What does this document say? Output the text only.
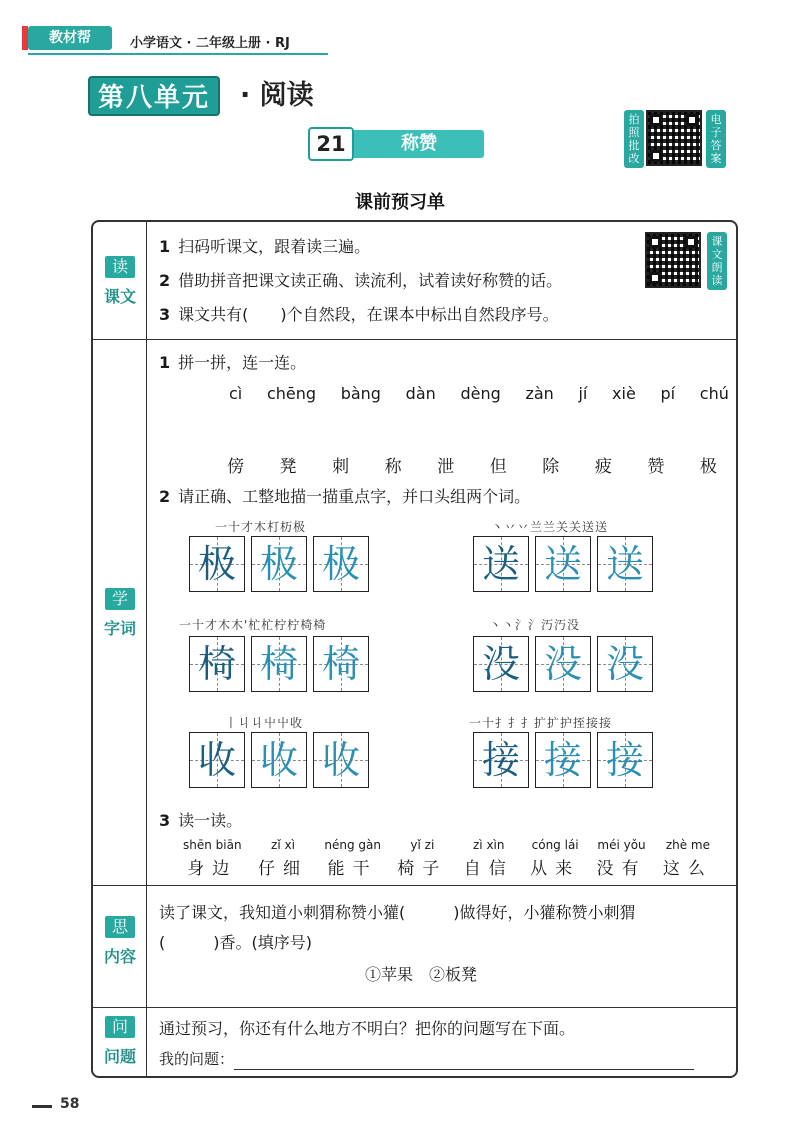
教材帮	小学语文 · 二年级上册 · RJ
第八单元	· 阅读
21	称赞
拍照批改
电子答案
课前预习单
读
课文
1 扫码听课文，跟着读三遍。
2 借助拼音把课文读正确、读流利，试着读好称赞的话。
3 课文共有(　　)个自然段，在课本中标出自然段序号。
课文朗读
学
字词
1 拼一拼，连一连。
cì chēng bàng dàn dèng zàn jí xiè pí chú
傍 凳 刺 称 泄 但 除 疲 赞 极
2 请正确、工整地描一描重点字，并口头组两个词。
一十才木朾杤极
极 极 极
丶丷丷兰兰关关送送
送 送 送
一十才木木'杧杧柠柠椅椅
椅 椅 椅
丶丶氵氵汅汅没
没 没 没
丨丩丩屮屮收
收 收 收
一十扌扌扌扩扩护挃接接
接 接 接
3 读一读。
shēn biān
身边
zǐ xì
仔细
néng gàn
能干
yǐ zi
椅子
zì xìn
自信
cóng lái
从来
méi yǒu
没有
zhè me
这么
思
内容
读了课文，我知道小刺猬称赞小獾(　　　)做得好，小獾称赞小刺猬
(　　　)香。(填序号)
①苹果　②板凳
问
问题
通过预习，你还有什么地方不明白？把你的问题写在下面。
我的问题：
58
